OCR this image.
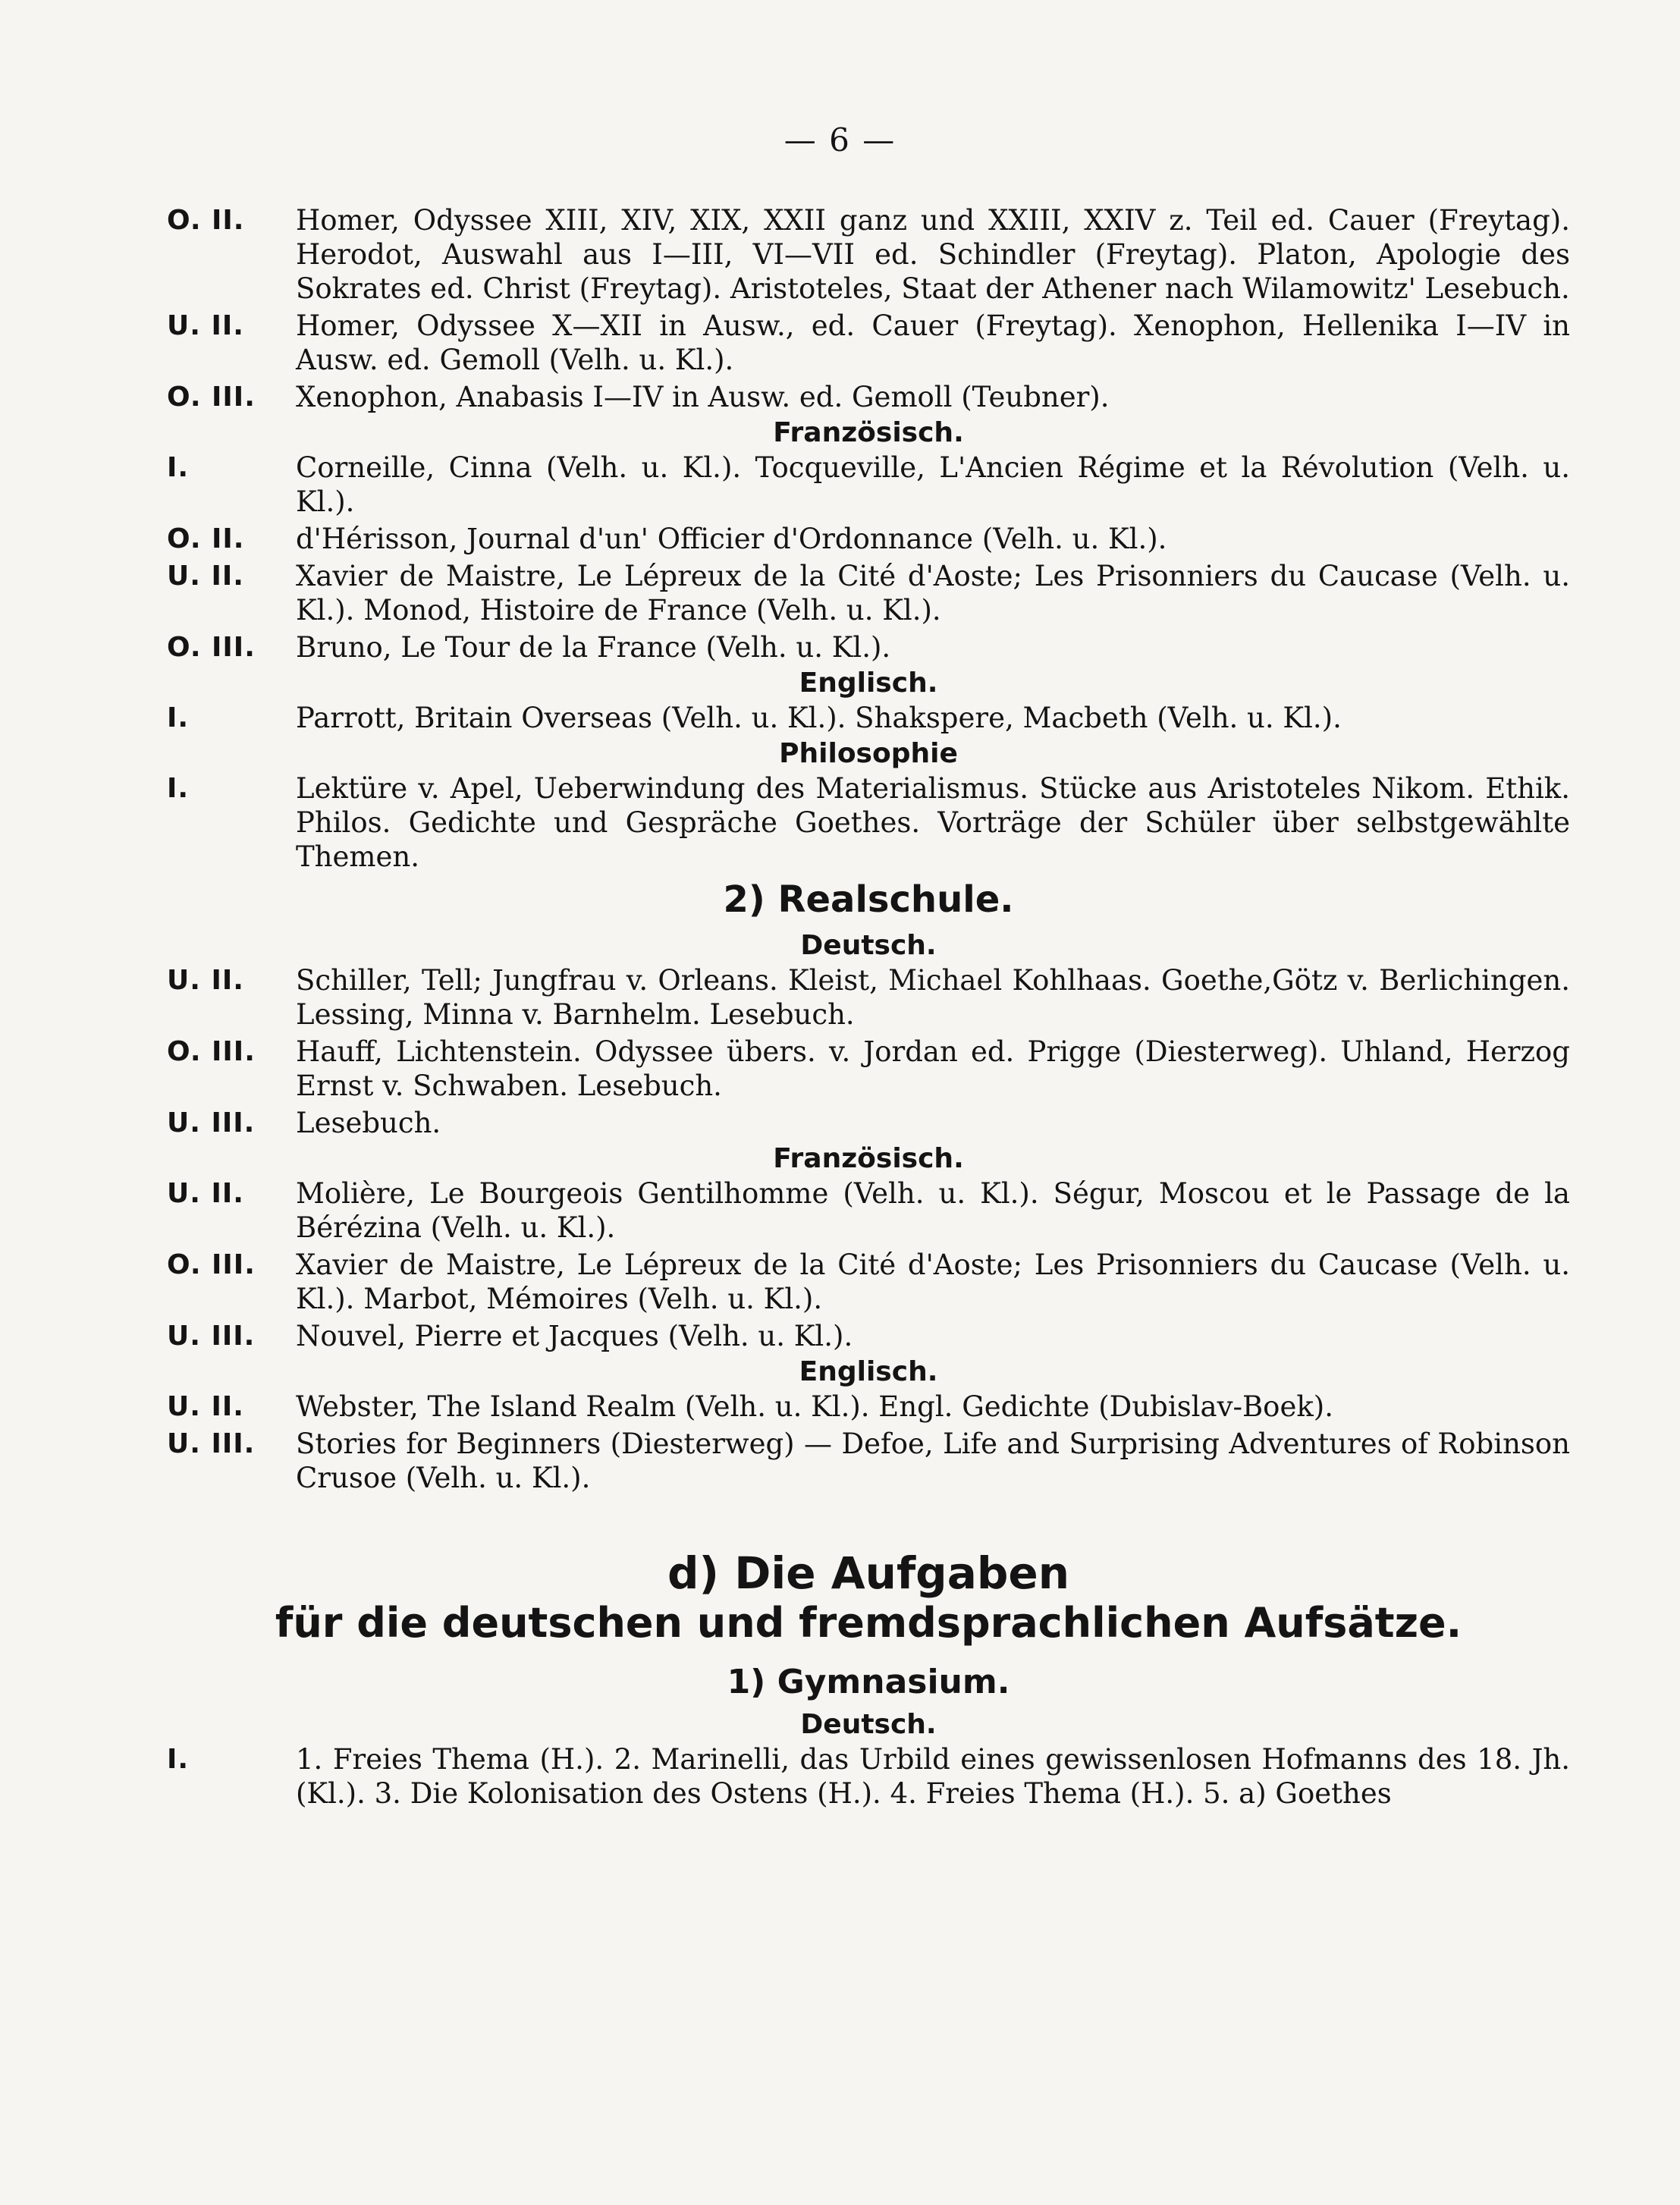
— 6 —
O. II.	Homer, Odyssee XIII, XIV, XIX, XXII ganz und XXIII, XXIV z. Teil ed. Cauer (Freytag). Herodot, Auswahl aus I—III, VI—VII ed. Schindler (Freytag). Platon, Apologie des Sokrates ed. Christ (Freytag). Aristoteles, Staat der Athener nach Wilamowitz' Lesebuch.
U. II.	Homer, Odyssee X—XII in Ausw., ed. Cauer (Freytag). Xenophon, Hellenika I—IV in Ausw. ed. Gemoll (Velh. u. Kl.).
O. III.	Xenophon, Anabasis I—IV in Ausw. ed. Gemoll (Teubner).
Französisch.
I.	Corneille, Cinna (Velh. u. Kl.). Tocqueville, L'Ancien Régime et la Révolution (Velh. u. Kl.).
O. II.	d'Hérisson, Journal d'un' Officier d'Ordonnance (Velh. u. Kl.).
U. II.	Xavier de Maistre, Le Lépreux de la Cité d'Aoste; Les Prisonniers du Caucase (Velh. u. Kl.). Monod, Histoire de France (Velh. u. Kl.).
O. III.	Bruno, Le Tour de la France (Velh. u. Kl.).
Englisch.
I.	Parrott, Britain Overseas (Velh. u. Kl.). Shakspere, Macbeth (Velh. u. Kl.).
Philosophie
I.	Lektüre v. Apel, Ueberwindung des Materialismus. Stücke aus Aristoteles Nikom. Ethik. Philos. Gedichte und Gespräche Goethes. Vorträge der Schüler über selbstgewählte Themen.
2) Realschule.
Deutsch.
U. II.	Schiller, Tell; Jungfrau v. Orleans. Kleist, Michael Kohlhaas. Goethe,Götz v. Berlichingen. Lessing, Minna v. Barnhelm. Lesebuch.
O. III.	Hauff, Lichtenstein. Odyssee übers. v. Jordan ed. Prigge (Diesterweg). Uhland, Herzog Ernst v. Schwaben. Lesebuch.
U. III.	Lesebuch.
Französisch.
U. II.	Molière, Le Bourgeois Gentilhomme (Velh. u. Kl.). Ségur, Moscou et le Passage de la Bérézina (Velh. u. Kl.).
O. III.	Xavier de Maistre, Le Lépreux de la Cité d'Aoste; Les Prisonniers du Caucase (Velh. u. Kl.). Marbot, Mémoires (Velh. u. Kl.).
U. III.	Nouvel, Pierre et Jacques (Velh. u. Kl.).
Englisch.
U. II.	Webster, The Island Realm (Velh. u. Kl.). Engl. Gedichte (Dubislav-Boek).
U. III.	Stories for Beginners (Diesterweg) — Defoe, Life and Surprising Adventures of Robinson Crusoe (Velh. u. Kl.).
d) Die Aufgaben
für die deutschen und fremdsprachlichen Aufsätze.
1) Gymnasium.
Deutsch.
I.	1. Freies Thema (H.). 2. Marinelli, das Urbild eines gewissenlosen Hofmanns des 18. Jh. (Kl.). 3. Die Kolonisation des Ostens (H.). 4. Freies Thema (H.). 5. a) Goethes
